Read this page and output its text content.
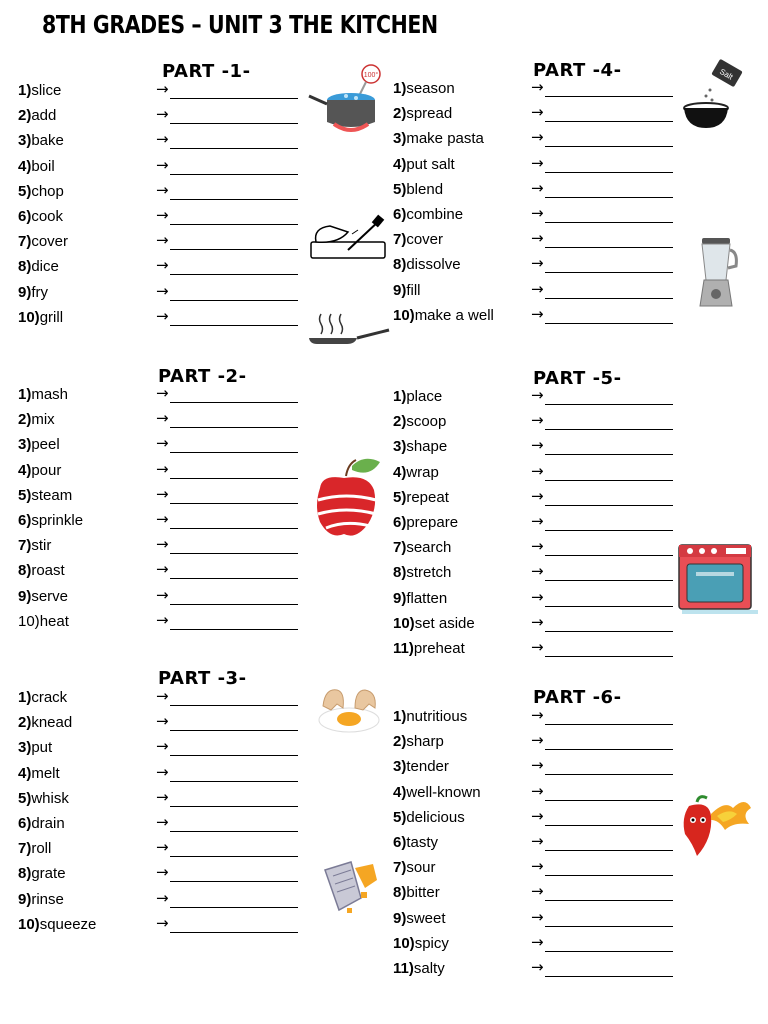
8TH GRADES – UNIT 3 THE KITCHEN
PART -1-
PART -2-
PART -3-
PART -4-
PART -5-
PART -6-
1)slice	→
2)add	→
3)bake	→
4)boil	→
5)chop	→
6)cook	→
7)cover	→
8)dice	→
9)fry	→
10)grill	→
1)mash	→
2)mix	→
3)peel	→
4)pour	→
5)steam	→
6)sprinkle	→
7)stir	→
8)roast	→
9)serve	→
10)heat	→
1)crack	→
2)knead	→
3)put	→
4)melt	→
5)whisk	→
6)drain	→
7)roll	→
8)grate	→
9)rinse	→
10)squeeze	→
1)season	→
2)spread	→
3)make pasta	→
4)put salt	→
5)blend	→
6)combine	→
7)cover	→
8)dissolve	→
9)fill	→
10)make a well →
1)place	→
2)scoop	→
3)shape	→
4)wrap	→
5)repeat	→
6)prepare	→
7)search	→
8)stretch	→
9)flatten	→
10)set aside	→
11)preheat	→
1)nutritious	→
2)sharp	→
3)tender	→
4)well-known	→
5)delicious	→
6)tasty	→
7)sour	→
8)bitter	→
9)sweet	→
10)spicy	→
11)salty	→
100°	Salt
